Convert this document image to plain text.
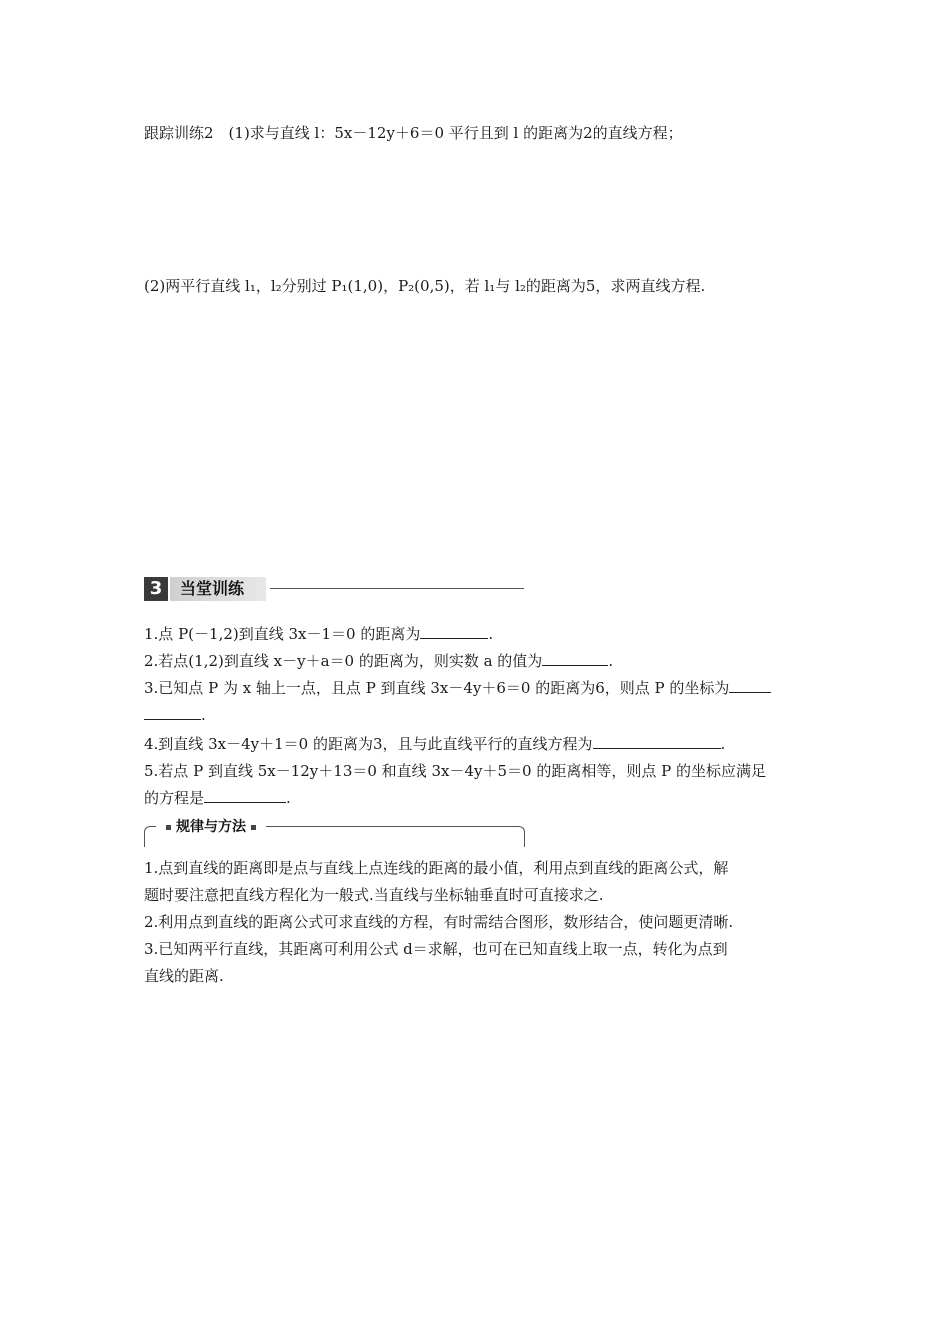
跟踪训练2　(1)求与直线 l：5x－12y＋6＝0 平行且到 l 的距离为2的直线方程；
(2)两平行直线 l₁，l₂分别过 P₁(1,0)，P₂(0,5)，若 l₁与 l₂的距离为5，求两直线方程.
3	当堂训练
1.点 P(－1,2)到直线 3x－1＝0 的距离为	.
2.若点(1,2)到直线 x－y＋a＝0 的距离为，则实数 a 的值为	.
3.已知点 P 为 x 轴上一点，且点 P 到直线 3x－4y＋6＝0 的距离为6，则点 P 的坐标为
.
4.到直线 3x－4y＋1＝0 的距离为3，且与此直线平行的直线方程为	.
5.若点 P 到直线 5x－12y＋13＝0 和直线 3x－4y＋5＝0 的距离相等，则点 P 的坐标应满足
的方程是	.
规律与方法
1.点到直线的距离即是点与直线上点连线的距离的最小值，利用点到直线的距离公式，解
题时要注意把直线方程化为一般式.当直线与坐标轴垂直时可直接求之.
2.利用点到直线的距离公式可求直线的方程，有时需结合图形，数形结合，使问题更清晰.
3.已知两平行直线，其距离可利用公式 d＝求解，也可在已知直线上取一点，转化为点到
直线的距离.
